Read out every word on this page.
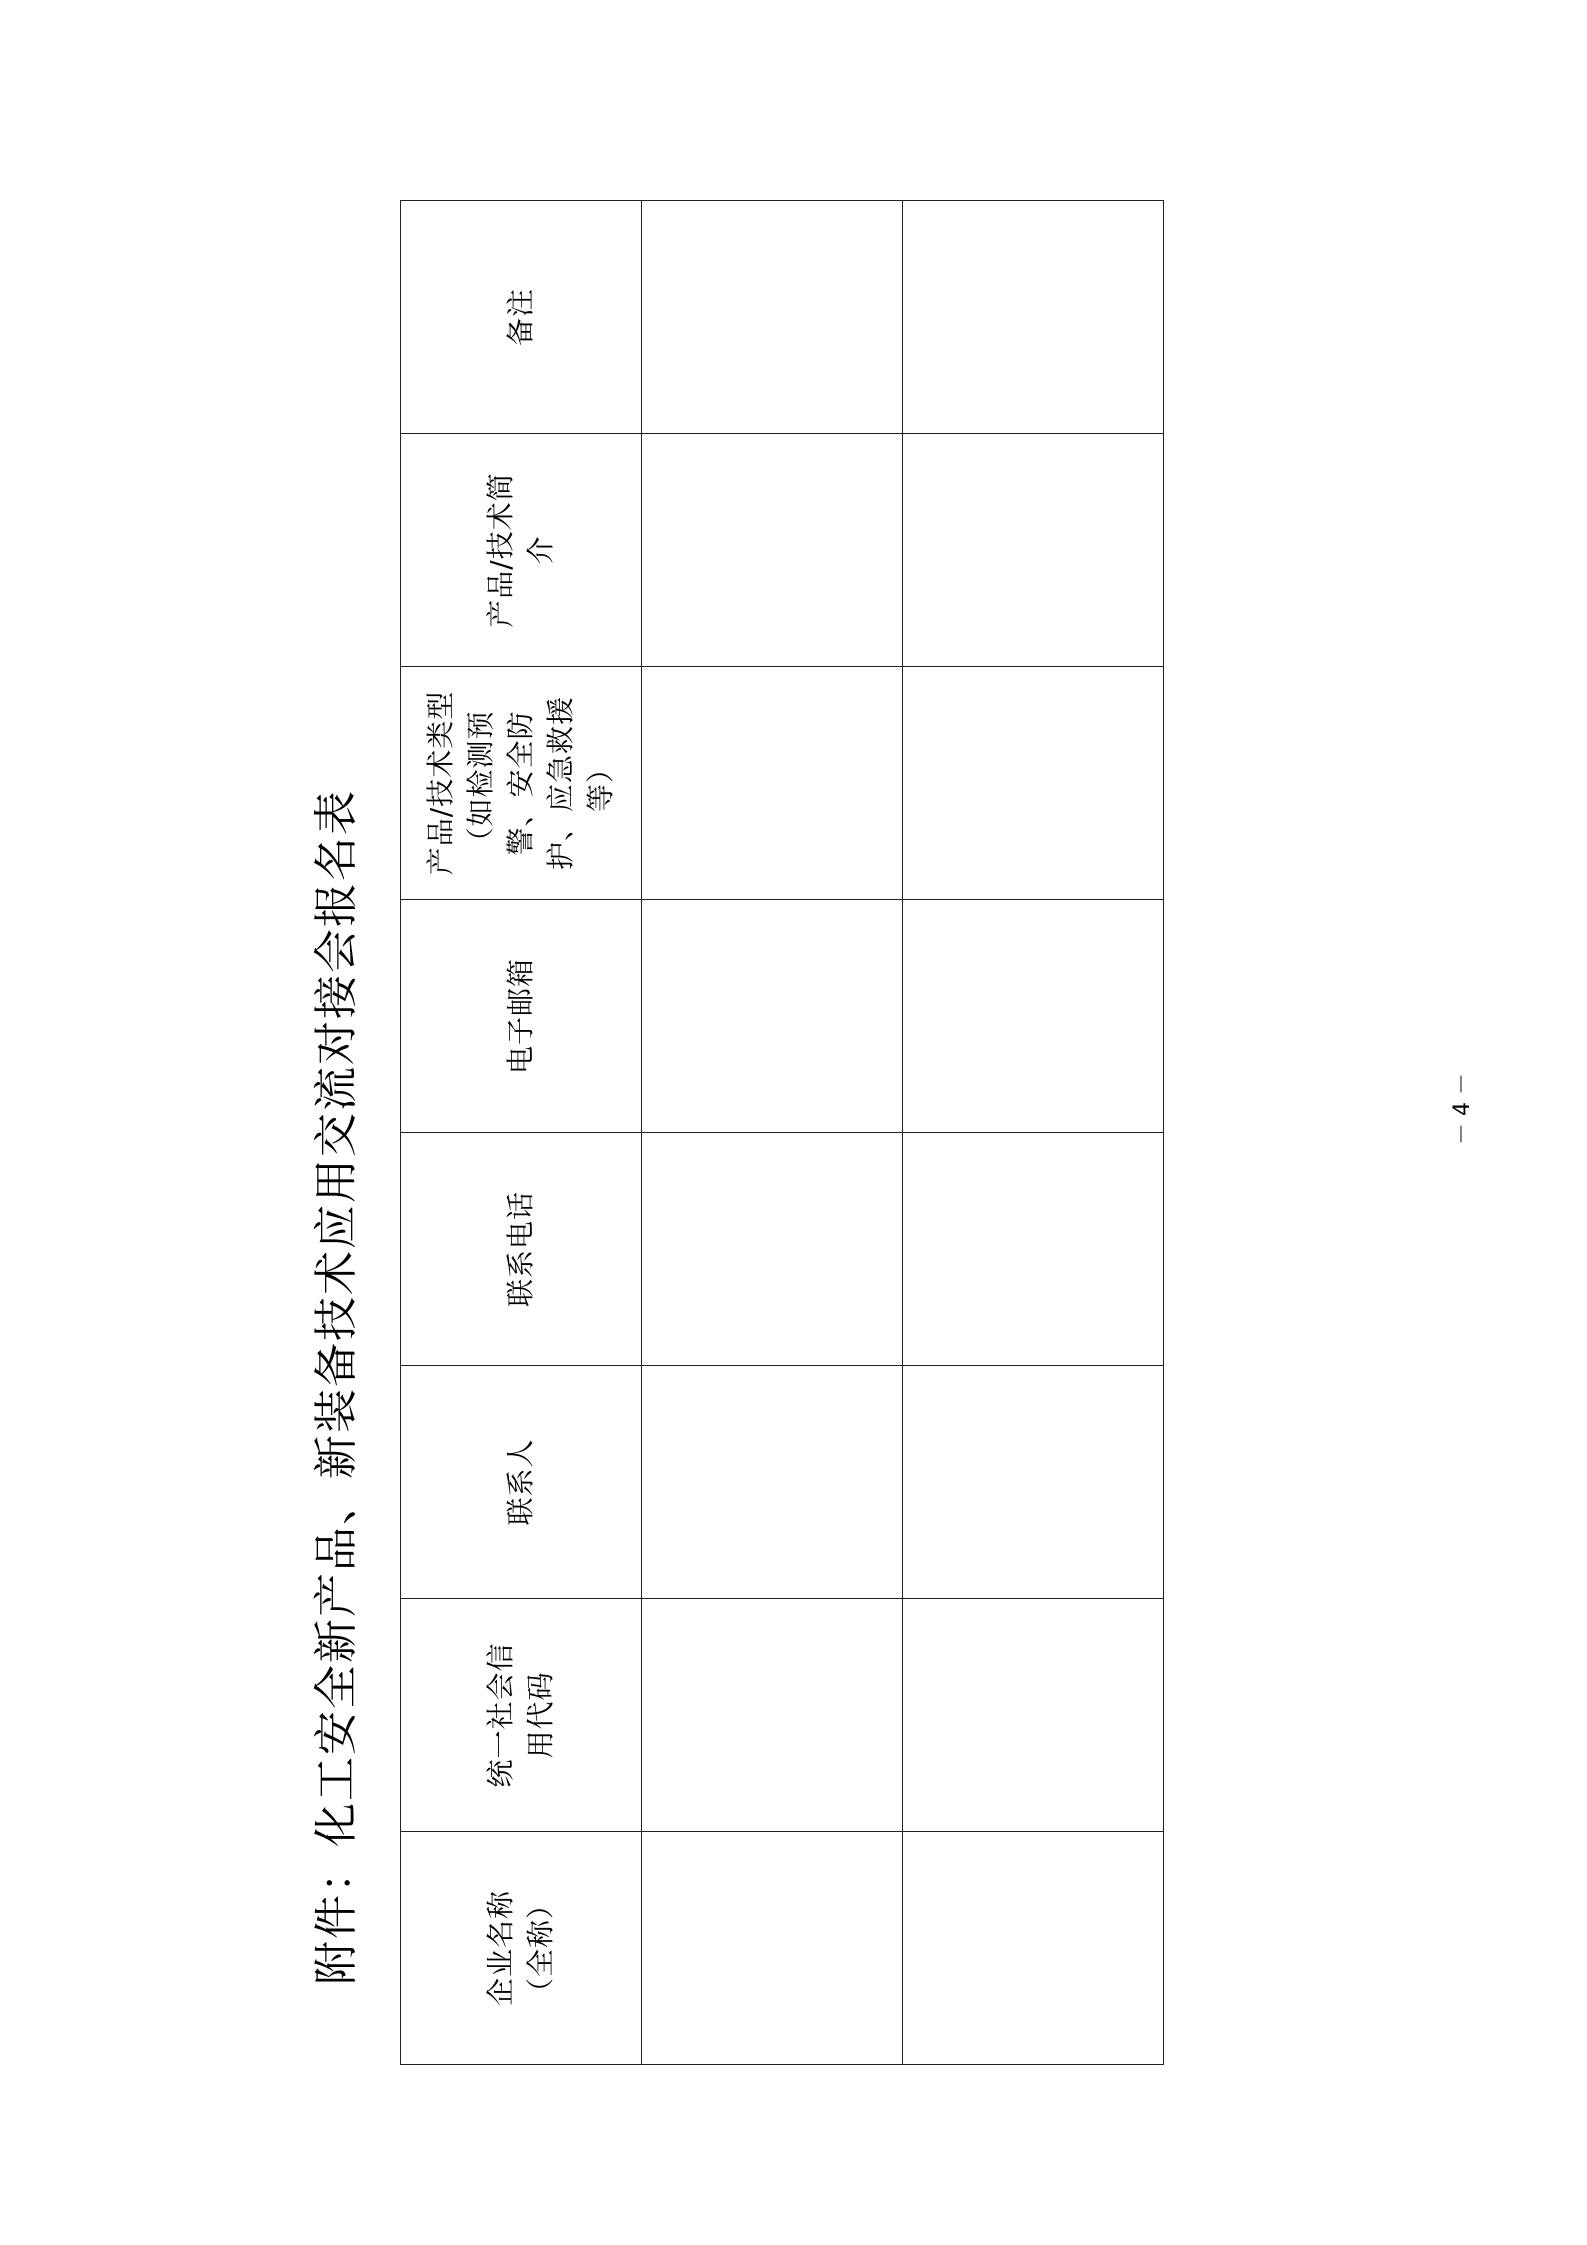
附件：化工安全新产品、新装备技术应用交流对接会报名表	企业名称（全称）	统一社会信用代码	联系人	联系电话	电子邮箱	产品/技术类型（如检测预警、安全防护、应急救援等）	产品/技术简介	备注

－ 4 －
